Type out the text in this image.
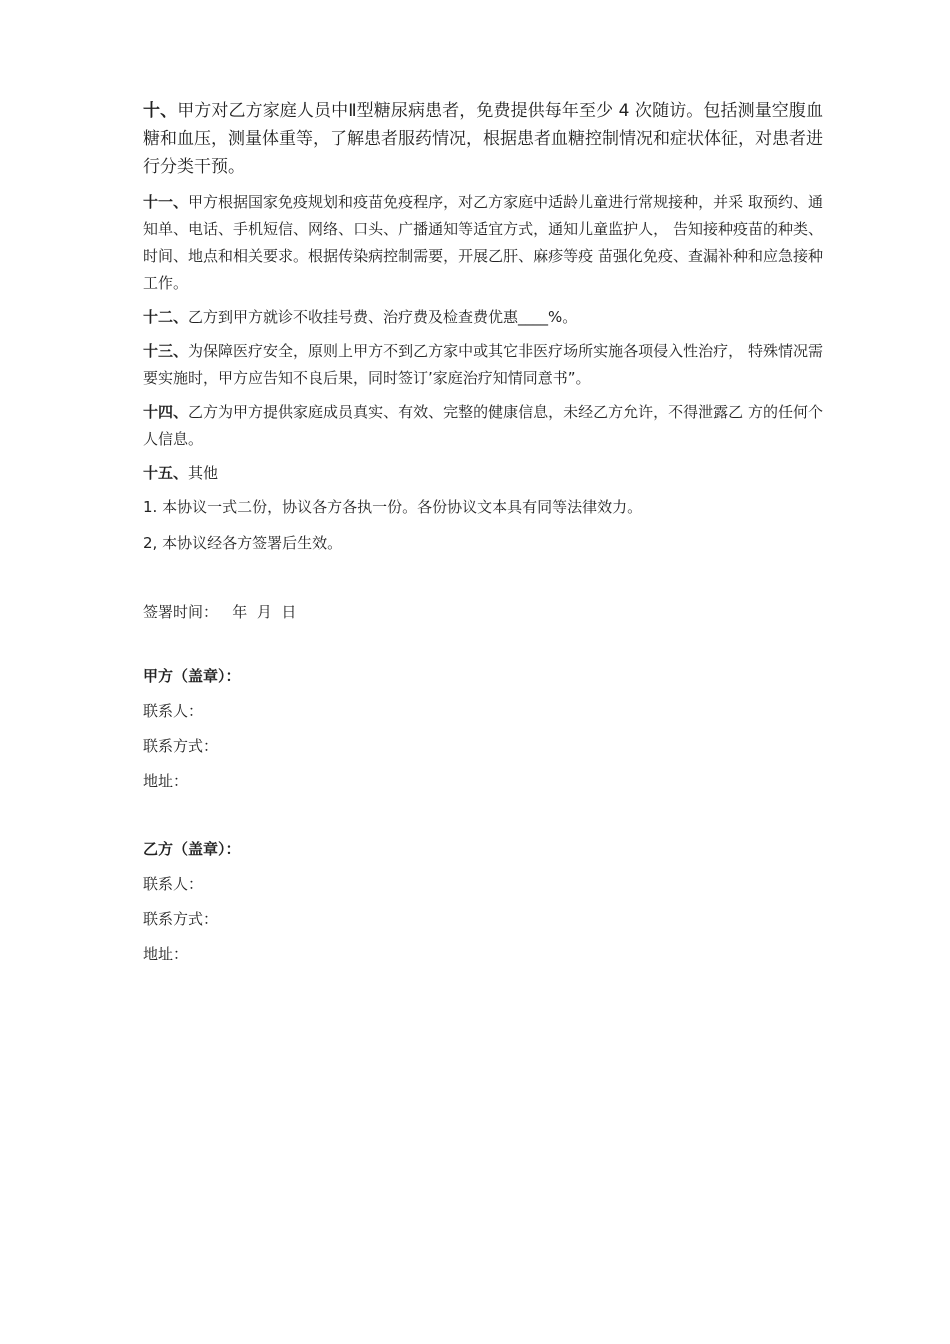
十、甲方对乙方家庭人员中Ⅱ型糖尿病患者，免费提供每年至少 4 次随访。包括测量空腹血糖和血压，测量体重等，了解患者服药情况，根据患者血糖控制情况和症状体征，对患者进行分类干预。

十一、甲方根据国家免疫规划和疫苗免疫程序，对乙方家庭中适龄儿童进行常规接种，并采 取预约、通知单、电话、手机短信、网络、口头、广播通知等适宜方式，通知儿童监护人， 告知接种疫苗的种类、时间、地点和相关要求。根据传染病控制需要，开展乙肝、麻疹等疫 苗强化免疫、查漏补种和应急接种工作。

十二、乙方到甲方就诊不收挂号费、治疗费及检查费优惠____%。

十三、为保障医疗安全，原则上甲方不到乙方家中或其它非医疗场所实施各项侵入性治疗， 特殊情况需要实施时，甲方应告知不良后果，同时签订’家庭治疗知情同意书”。

十四、乙方为甲方提供家庭成员真实、有效、完整的健康信息，未经乙方允许，不得泄露乙 方的任何个人信息。

十五、其他

1. 本协议一式二份，协议各方各执一份。各份协议文本具有同等法律效力。

2, 本协议经各方签署后生效。

签署时间：   年  月  日

甲方（盖章）：

联系人：

联系方式：

地址：

乙方（盖章）：

联系人：

联系方式：

地址：
